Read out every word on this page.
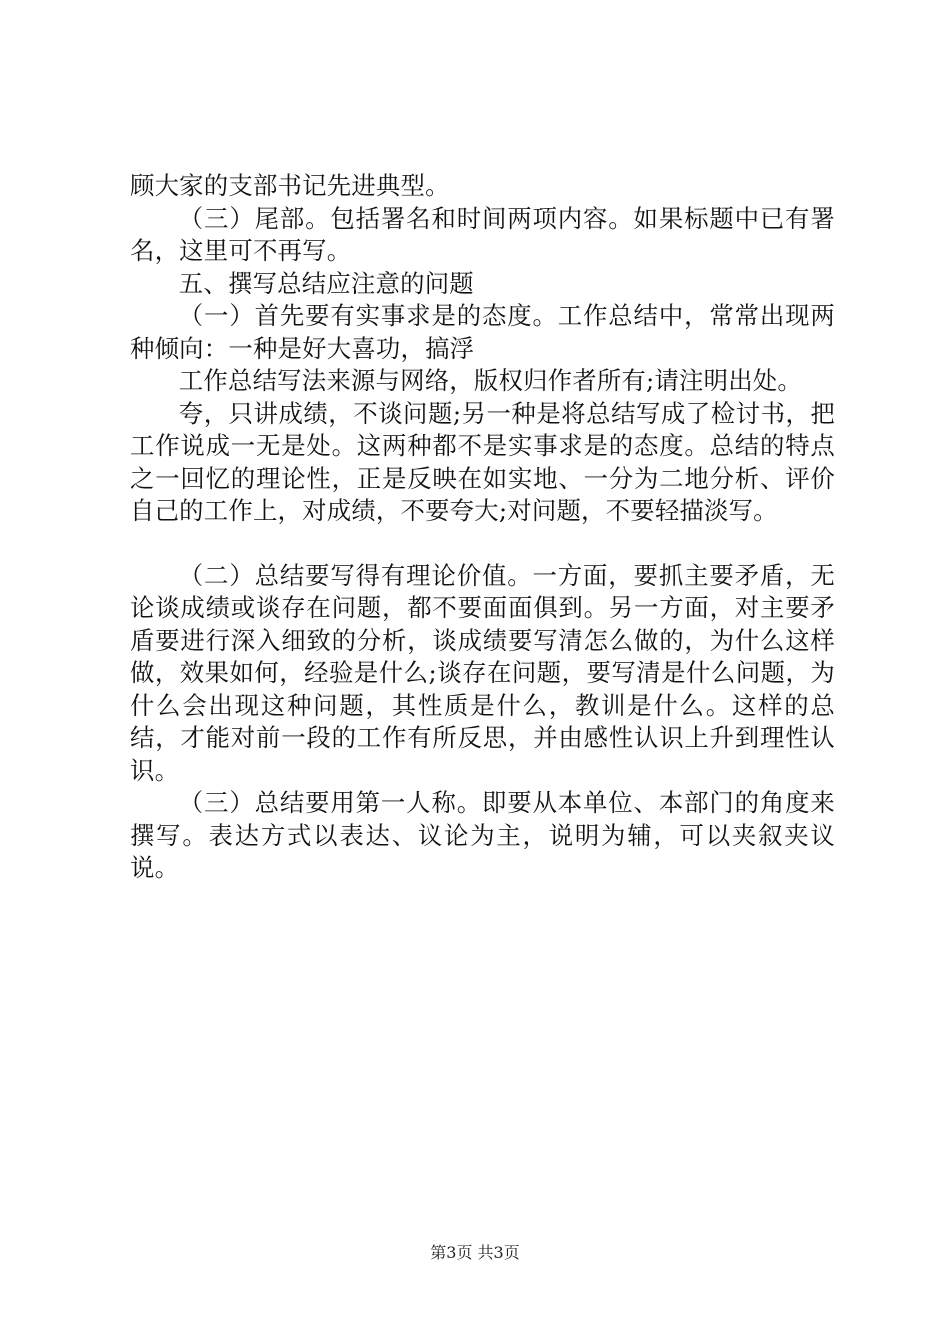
顾大家的支部书记先进典型。

（三）尾部。包括署名和时间两项内容。如果标题中已有署名，这里可不再写。

五、撰写总结应注意的问题

（一）首先要有实事求是的态度。工作总结中，常常出现两种倾向：一种是好大喜功，搞浮

工作总结写法来源与网络，版权归作者所有;请注明出处。

夸，只讲成绩，不谈问题;另一种是将总结写成了检讨书，把工作说成一无是处。这两种都不是实事求是的态度。总结的特点之一回忆的理论性，正是反映在如实地、一分为二地分析、评价自己的工作上，对成绩，不要夸大;对问题，不要轻描淡写。

（二）总结要写得有理论价值。一方面，要抓主要矛盾，无论谈成绩或谈存在问题，都不要面面俱到。另一方面，对主要矛盾要进行深入细致的分析，谈成绩要写清怎么做的，为什么这样做，效果如何，经验是什么;谈存在问题，要写清是什么问题，为什么会出现这种问题，其性质是什么，教训是什么。这样的总结，才能对前一段的工作有所反思，并由感性认识上升到理性认识。

（三）总结要用第一人称。即要从本单位、本部门的角度来撰写。表达方式以表达、议论为主，说明为辅，可以夹叙夹议说。

第3页 共3页
